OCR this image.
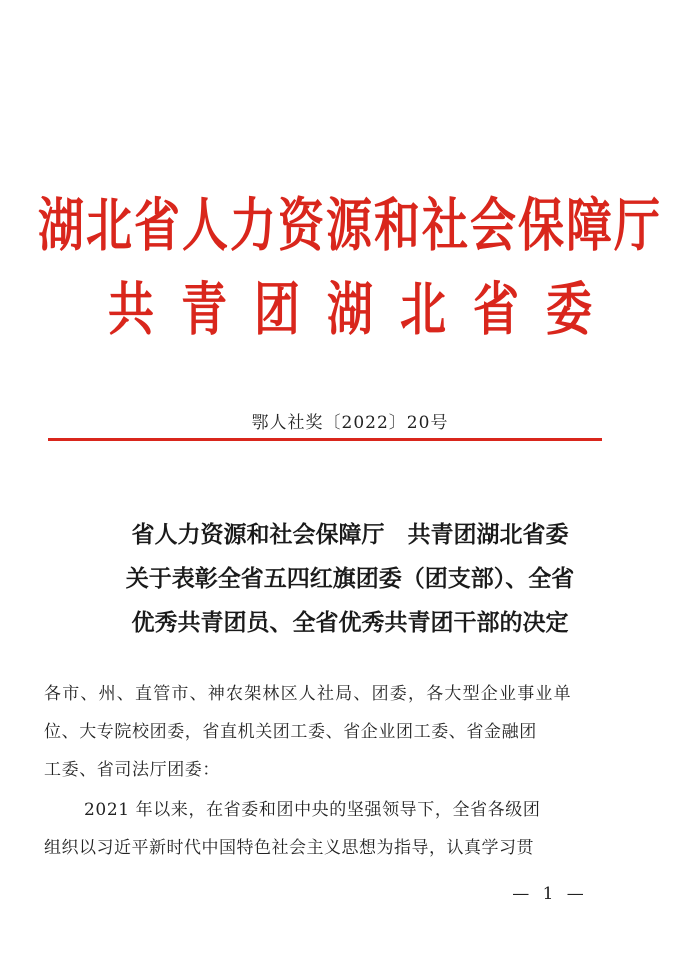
湖北省人力资源和社会保障厅
共青团湖北省委
鄂人社奖〔2022〕20号
省人力资源和社会保障厅　共青团湖北省委
关于表彰全省五四红旗团委（团支部）、全省
优秀共青团员、全省优秀共青团干部的决定
各市、州、直管市、神农架林区人社局、团委，各大型企业事业单
位、大专院校团委，省直机关团工委、省企业团工委、省金融团
工委、省司法厅团委：
2021 年以来，在省委和团中央的坚强领导下，全省各级团
组织以习近平新时代中国特色社会主义思想为指导，认真学习贯
— 1 —
